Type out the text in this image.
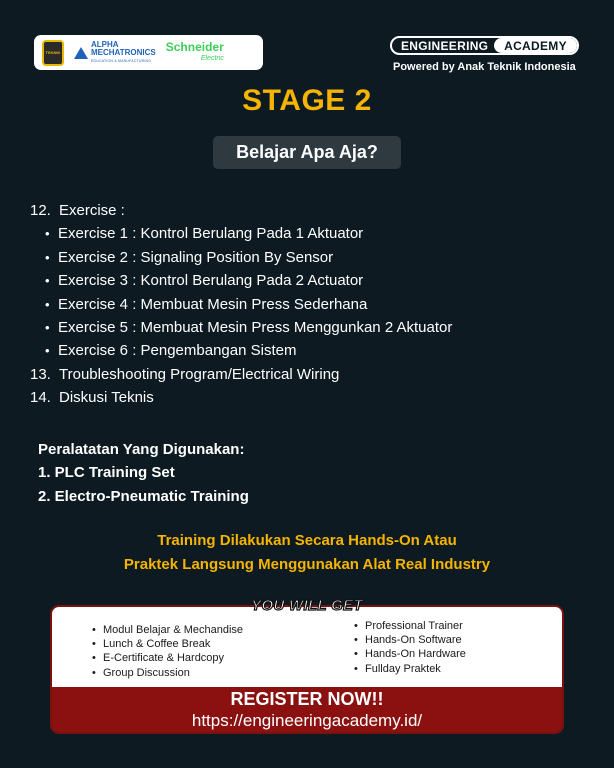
TEKNIK
ALPHA
MECHATRONICS
EDUCATION & MANUFACTURING
Schneider
Electric
ENGINEERING	ACADEMY
Powered by Anak Teknik Indonesia
STAGE 2
Belajar Apa Aja?
12. Exercise :
• Exercise 1 : Kontrol Berulang Pada 1 Aktuator
• Exercise 2 : Signaling Position By Sensor
• Exercise 3 : Kontrol Berulang Pada 2 Actuator
• Exercise 4 : Membuat Mesin Press Sederhana
• Exercise 5 : Membuat Mesin Press Menggunkan 2 Aktuator
• Exercise 6 : Pengembangan Sistem
13. Troubleshooting Program/Electrical Wiring
14. Diskusi Teknis
Peralatatan Yang Digunakan:
1. PLC Training Set
2. Electro-Pneumatic Training
Training Dilakukan Secara Hands-On Atau
Praktek Langsung Menggunakan Alat Real Industry
• Modul Belajar & Mechandise
• Lunch & Coffee Break
• E-Certificate & Hardcopy
• Group Discussion
• Professional Trainer
• Hands-On Software
• Hands-On Hardware
• Fullday Praktek
REGISTER NOW!!
https://engineeringacademy.id/
YOU WILL GET
